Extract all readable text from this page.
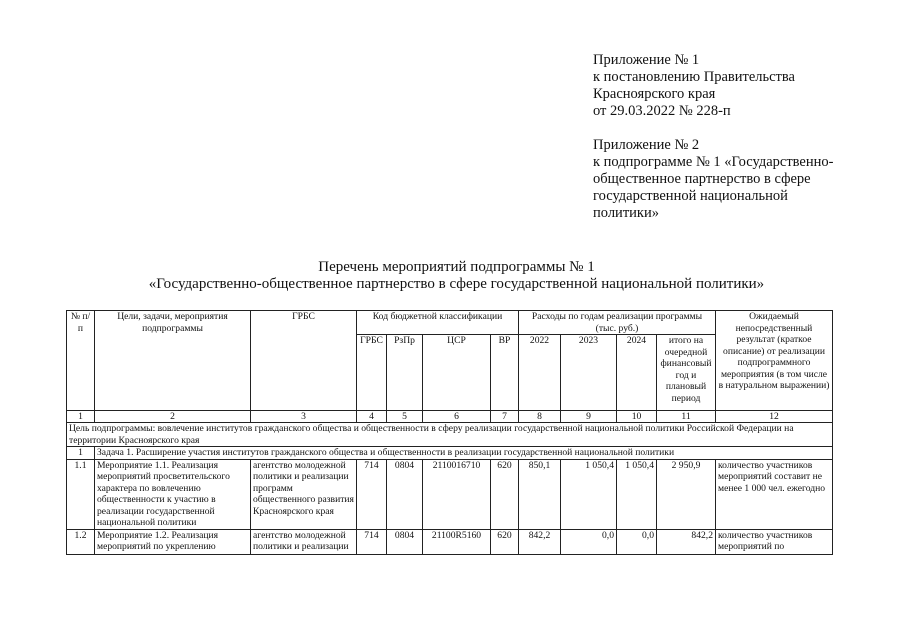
Приложение № 1
к постановлению Правительства
Красноярского края
от 29.03.2022 № 228-п
Приложение № 2
к подпрограмме № 1 «Государственно-
общественное партнерство в сфере
государственной национальной
политики»
Перечень мероприятий подпрограммы № 1
«Государственно-общественное партнерство в сфере государственной национальной политики»
№ п/п	Цели, задачи, мероприятия подпрограммы	ГРБС	Код бюджетной классификации				Расходы по годам реализации программы (тыс. руб.)				Ожидаемый непосредственный результат (краткое описание) от реализации подпрограммного мероприятия (в том числе в натуральном выражении)
			ГРБС	РзПр	ЦСР	ВР	2022	2023	2024	итого на очередной финансовый год и плановый период	
1	2	3	4	5	6	7	8	9	10	11	12
Цель подпрограммы: вовлечение институтов гражданского общества и общественности в сферу реализации государственной национальной политики Российской Федерации на территории Красноярского края											
1	Задача 1. Расширение участия институтов гражданского общества и общественности в реализации государственной национальной политики										
1.1	Мероприятие 1.1. Реализация мероприятий просветительского характера по вовлечению общественности к участию в реализации государственной национальной политики	агентство молодежной политики и реализации программ общественного развития Красноярского края	714	0804	2110016710	620	850,1	1 050,4	1 050,4	2 950,9	количество участников мероприятий составит не менее 1 000 чел. ежегодно
1.2	Мероприятие 1.2. Реализация мероприятий по укреплению	агентство молодежной политики и реализации	714	0804	21100R5160	620	842,2	0,0	0,0	842,2	количество участников мероприятий по
